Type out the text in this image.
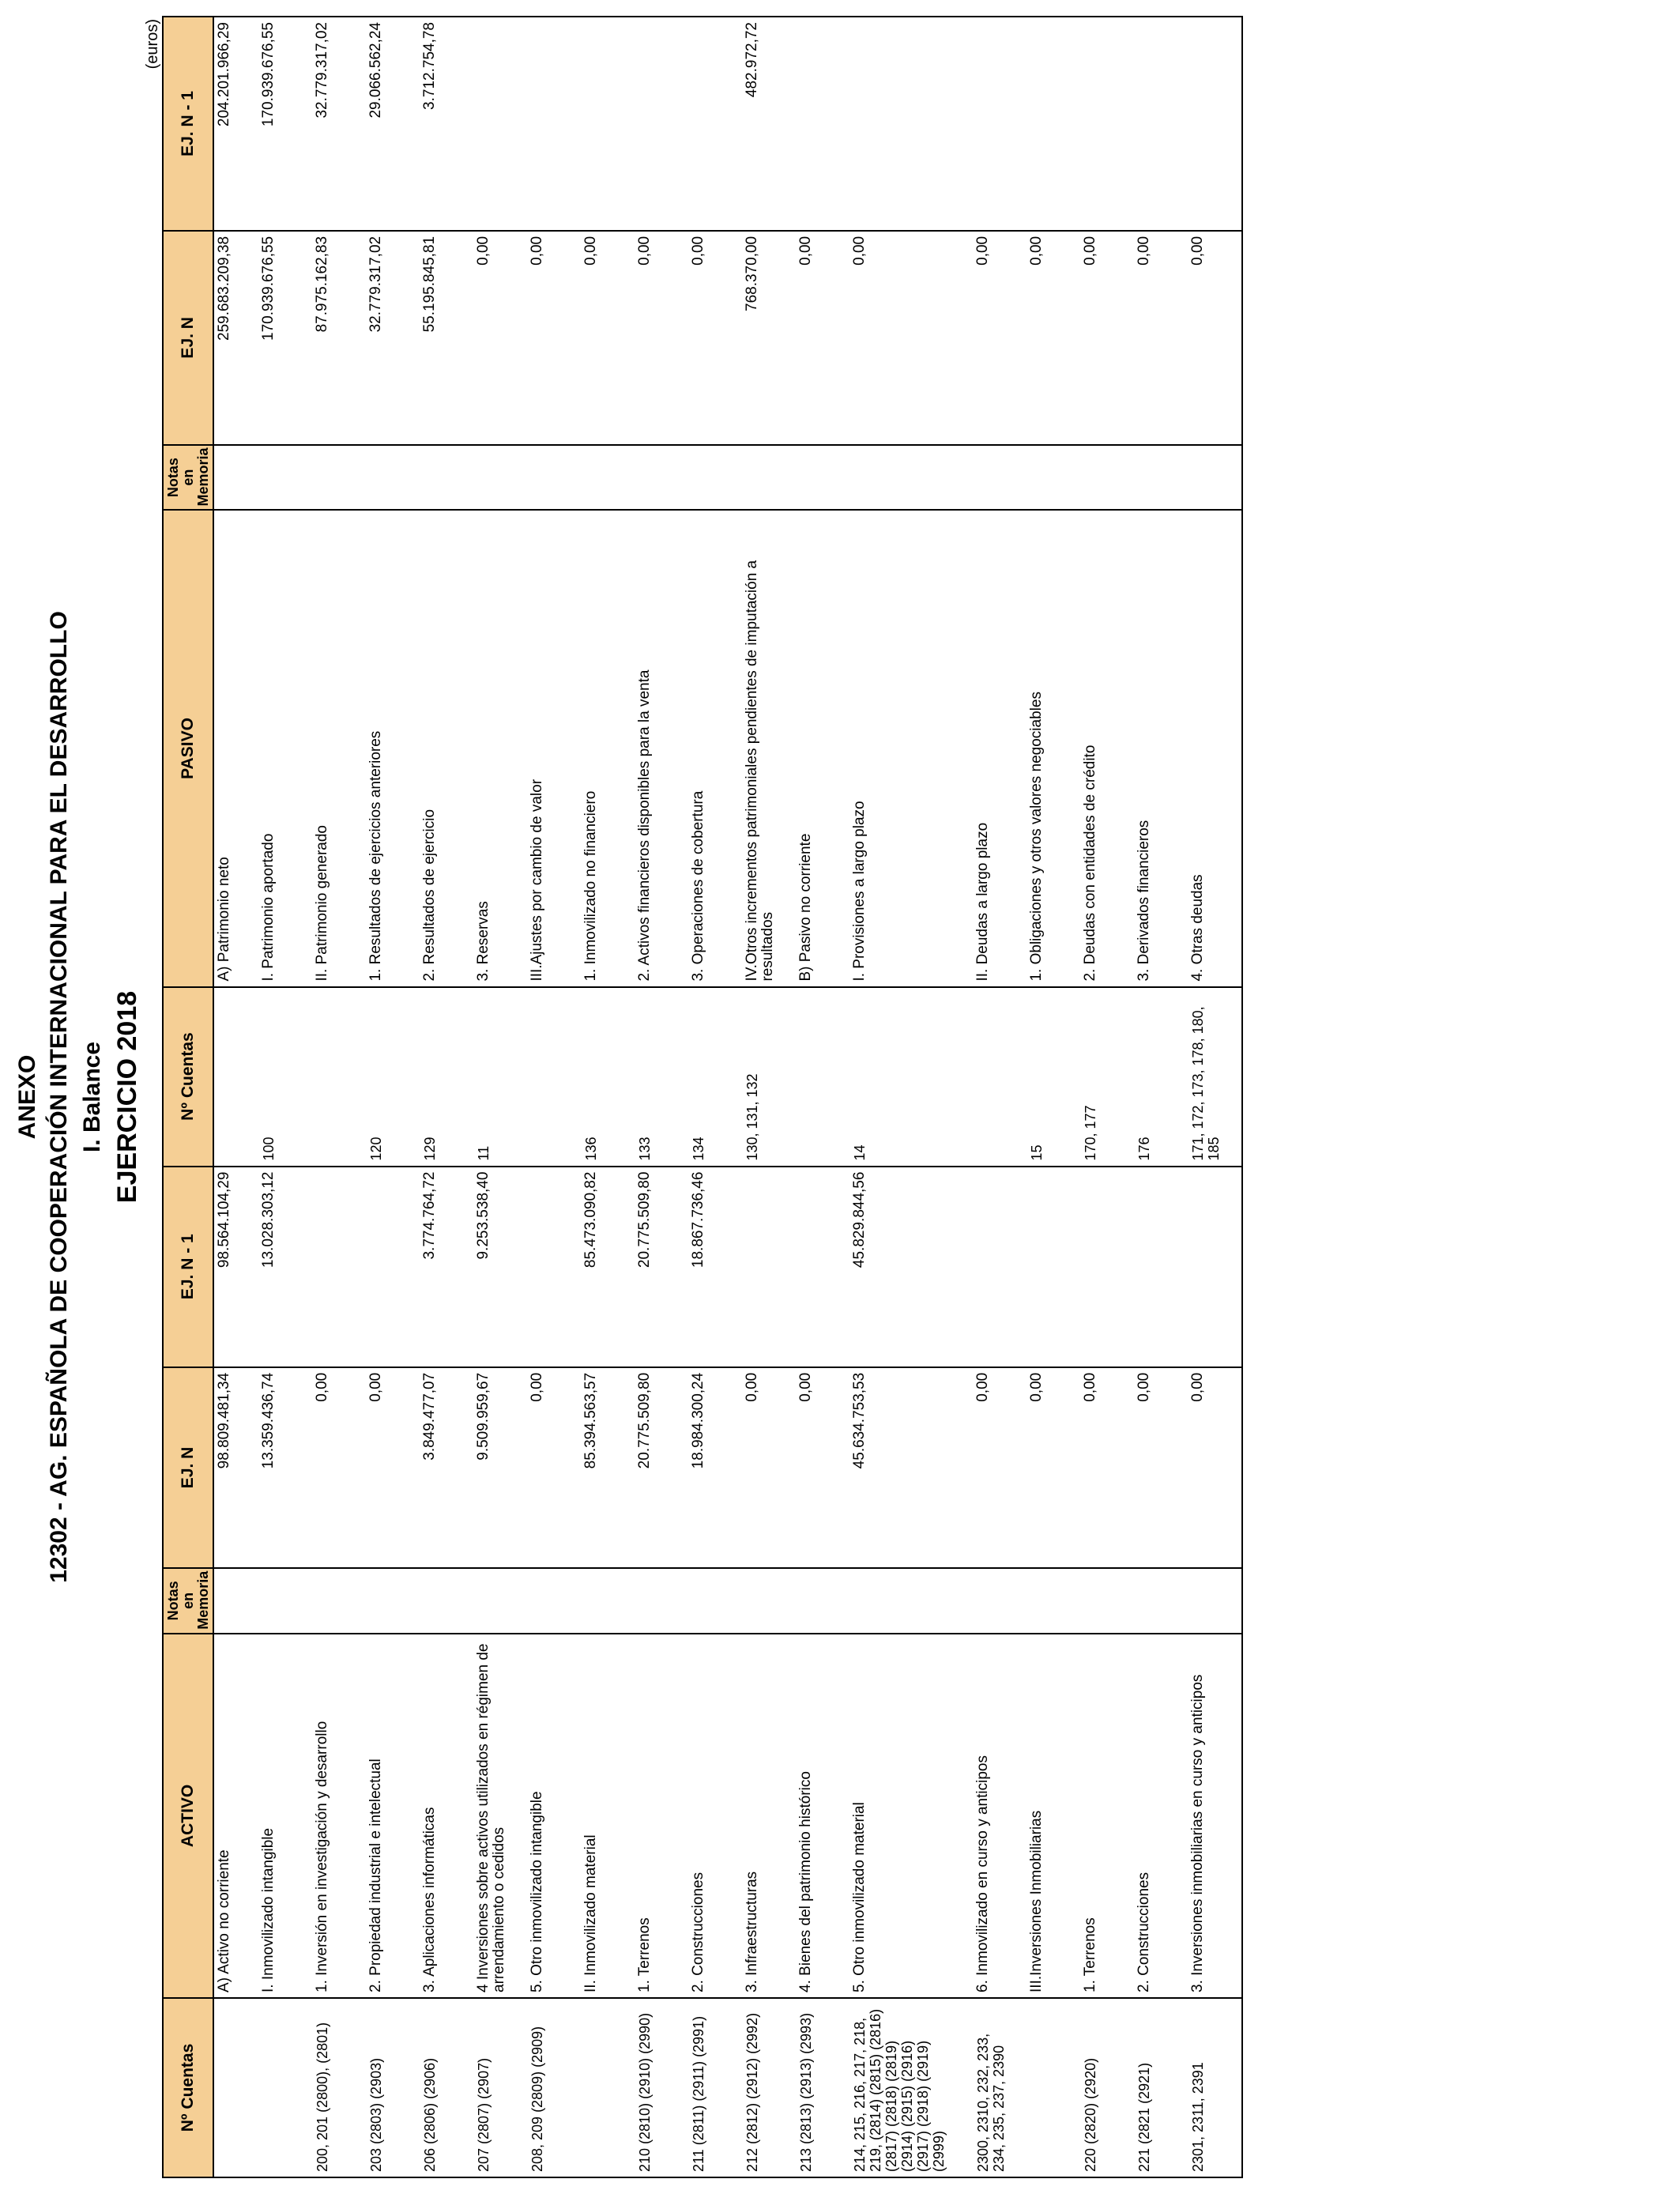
ANEXO 12302 - AG. ESPAÑOLA DE COOPERACIÓN INTERNACIONAL PARA EL DESARROLLO I. Balance EJERCICIO 2018
(euros)
Nº Cuentas	ACTIVO	Notas en Memoria	EJ. N	EJ. N - 1	Nº Cuentas	PASIVO	Notas en Memoria	EJ. N	EJ. N - 1
	A) Activo no corriente		98.809.481,34	98.564.104,29		A) Patrimonio neto		259.683.209,38	204.201.966,29
	I. Inmovilizado intangible		13.359.436,74	13.028.303,12	100	I. Patrimonio aportado		170.939.676,55	170.939.676,55
200, 201 (2800), (2801)	1. Inversión en investigación y desarrollo		0,00			II. Patrimonio generado		87.975.162,83	32.779.317,02
203 (2803) (2903)	2. Propiedad industrial e intelectual		0,00		120	1. Resultados de ejercicios anteriores		32.779.317,02	29.066.562,24
206 (2806) (2906)	3. Aplicaciones informáticas		3.849.477,07	3.774.764,72	129	2. Resultados de ejercicio		55.195.845,81	3.712.754,78
207 (2807) (2907)	4 Inversiones sobre activos utilizados en régimen de arrendamiento o cedidos		9.509.959,67	9.253.538,40	11	3. Reservas		0,00	
208, 209 (2809) (2909)	5. Otro inmovilizado intangible		0,00			III.Ajustes por cambio de valor		0,00	
	II. Inmovilizado material		85.394.563,57	85.473.090,82	136	1. Inmovilizado no financiero		0,00	
210 (2810) (2910) (2990)	1. Terrenos		20.775.509,80	20.775.509,80	133	2. Activos financieros disponibles para la venta		0,00	
211 (2811) (2911) (2991)	2. Construcciones		18.984.300,24	18.867.736,46	134	3. Operaciones de cobertura		0,00	
212 (2812) (2912) (2992)	3. Infraestructuras		0,00		130, 131, 132	IV.Otros incrementos patrimoniales pendientes de imputación a resultados		768.370,00	482.972,72
213 (2813) (2913) (2993)	4. Bienes del patrimonio histórico		0,00			B) Pasivo no corriente		0,00	
214, 215, 216, 217, 218, 219, (2814) (2815) (2816) (2817) (2818) (2819) (2914) (2915) (2916) (2917) (2918) (2919) (2999)	5. Otro inmovilizado material		45.634.753,53	45.829.844,56	14	I. Provisiones a largo plazo		0,00	
2300, 2310, 232, 233, 234, 235, 237, 2390	6. Inmovilizado en curso y anticipos		0,00			II. Deudas a largo plazo		0,00	
	III.Inversiones Inmobiliarias		0,00		15	1. Obligaciones y otros valores negociables		0,00	
220 (2820) (2920)	1. Terrenos		0,00		170, 177	2. Deudas con entidades de crédito		0,00	
221 (2821 (2921)	2. Construcciones		0,00		176	3. Derivados financieros		0,00	
2301, 2311, 2391	3. Inversiones inmobiliarias en curso y anticipos		0,00		171, 172, 173, 178, 180, 185	4. Otras deudas		0,00	
